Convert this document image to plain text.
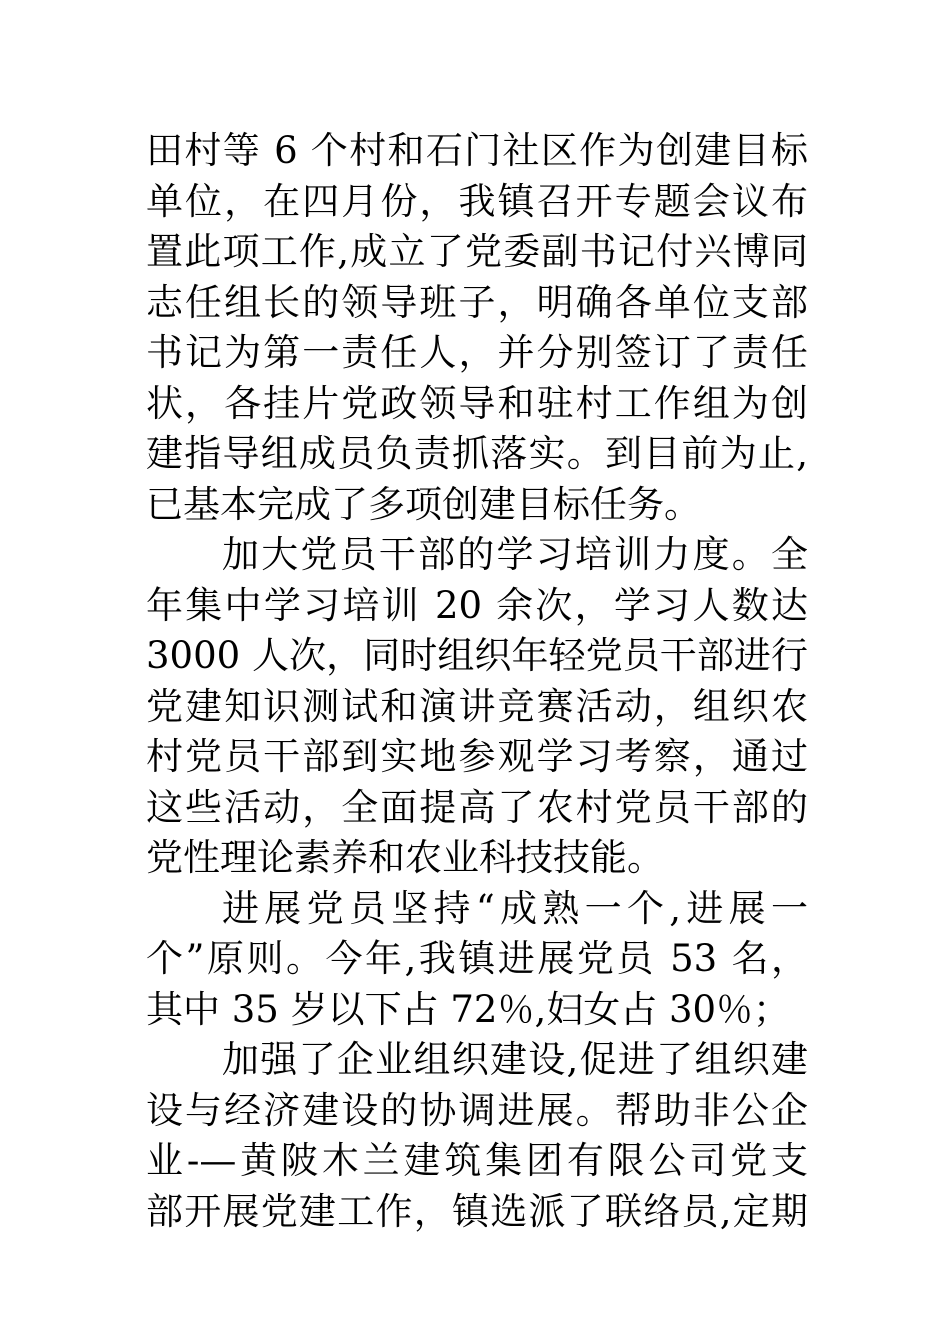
田村等 6 个村和石门社区作为创建目标
单位，在四月份，我镇召开专题会议布
置此项工作,成立了党委副书记付兴博同
志任组长的领导班子，明确各单位支部
书记为第一责任人，并分别签订了责任
状，各挂片党政领导和驻村工作组为创
建指导组成员负责抓落实。到目前为止,
已基本完成了多项创建目标任务。
加大党员干部的学习培训力度。全
年集中学习培训 20 余次，学习人数达
3000 人次，同时组织年轻党员干部进行
党建知识测试和演讲竞赛活动，组织农
村党员干部到实地参观学习考察，通过
这些活动，全面提高了农村党员干部的
党性理论素养和农业科技技能。
进展党员坚持“成熟一个,进展一
个”原则。今年,我镇进展党员 53 名，
其中 35 岁以下占 72％,妇女占 30％；
加强了企业组织建设,促进了组织建
设与经济建设的协调进展。帮助非公企
业-—黄陂木兰建筑集团有限公司党支
部开展党建工作，镇选派了联络员,定期
